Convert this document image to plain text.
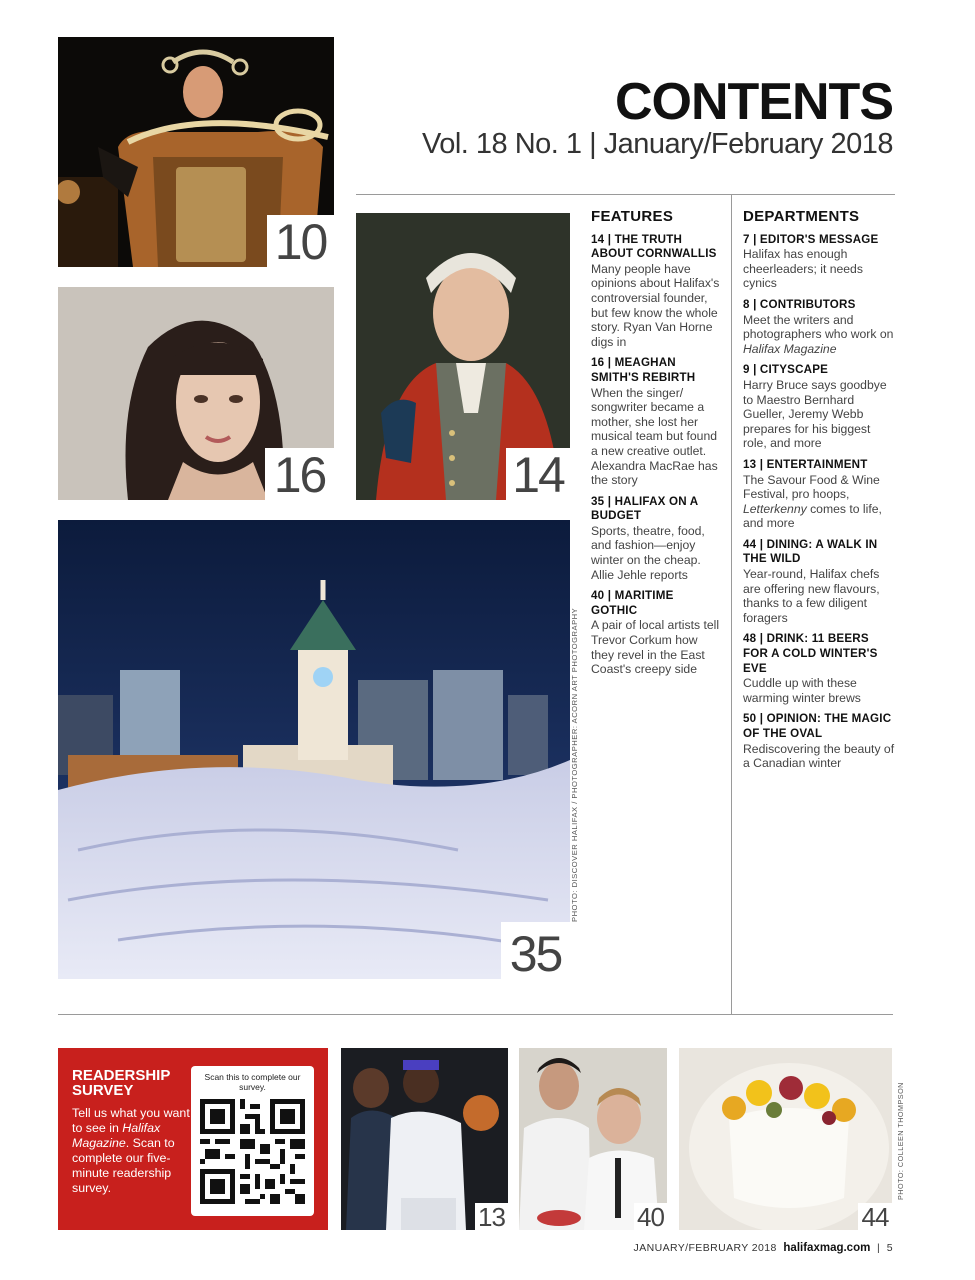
10
16	14
35
PHOTO: DISCOVER HALIFAX / PHOTOGRAPHER: ACORN ART PHOTOGRAPHY
CONTENTS
Vol. 18 No. 1 | January/February 2018
FEATURES
14 | THE TRUTH ABOUT CORNWALLIS
Many people have opinions about Halifax's controversial founder, but few know the whole story. Ryan Van Horne digs in
16 | MEAGHAN SMITH'S REBIRTH
When the singer/ songwriter became a mother, she lost her musical team but found a new creative outlet. Alexandra MacRae has the story
35 | HALIFAX ON A BUDGET
Sports, theatre, food, and fashion—enjoy winter on the cheap. Allie Jehle reports
40 | MARITIME GOTHIC
A pair of local artists tell Trevor Corkum how they revel in the East Coast's creepy side
DEPARTMENTS
7 | EDITOR'S MESSAGE
Halifax has enough cheerleaders; it needs cynics
8 | CONTRIBUTORS
Meet the writers and photographers who work on Halifax Magazine
9 | CITYSCAPE
Harry Bruce says goodbye to Maestro Bernhard Gueller, Jeremy Webb prepares for his biggest role, and more
13 | ENTERTAINMENT
The Savour Food & Wine Festival, pro hoops, Letterkenny comes to life, and more
44 | DINING: A WALK IN THE WILD
Year-round, Halifax chefs are offering new flavours, thanks to a few diligent foragers
48 | DRINK: 11 BEERS FOR A COLD WINTER'S EVE
Cuddle up with these warming winter brews
50 | OPINION: THE MAGIC OF THE OVAL
Rediscovering the beauty of a Canadian winter
READERSHIP SURVEY

Tell us what you want to see in Halifax Magazine. Scan to complete our five-minute readership survey.

Scan this to complete our survey.
13	40	44
PHOTO: COLLEEN THOMPSON
JANUARY/FEBRUARY 2018 halifaxmag.com | 5
